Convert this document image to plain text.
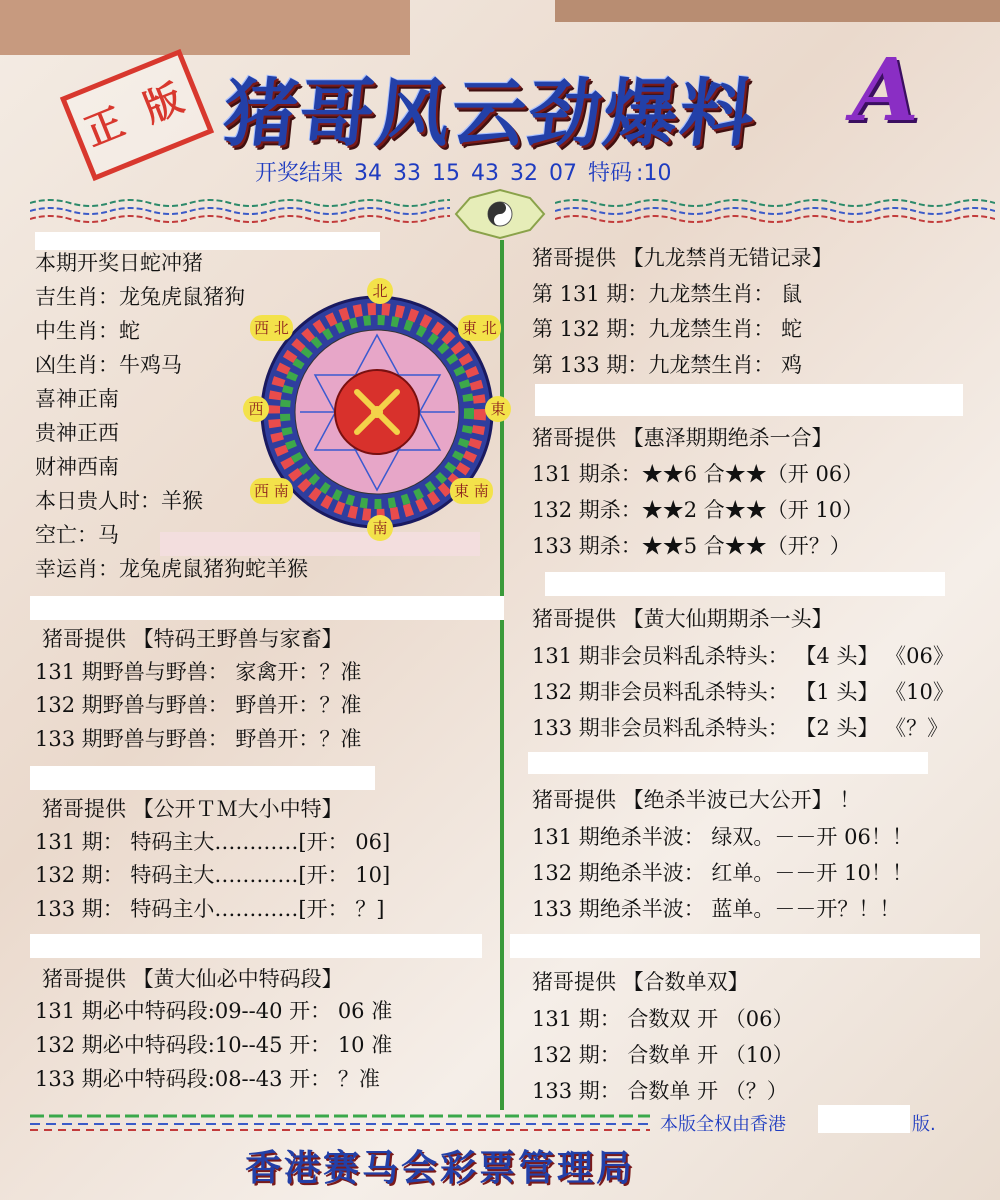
正 版 猪哥风云劲爆料	A
开奖结果 34 33 15 43 32 07 特码 :10
本期开奖日蛇冲猪
吉生肖：龙兔虎鼠猪狗
中生肖：蛇
凶生肖：牛鸡马
喜神正南
贵神正西
财神西南
本日贵人时：羊猴
空亡：马
幸运肖：龙兔虎鼠猪狗蛇羊猴
北
南
東
西
西 北	東 北
西 南	東 南
猪哥提供 【特码王野兽与家畜】
131 期野兽与野兽： 家禽开：？准
132 期野兽与野兽： 野兽开：？准
133 期野兽与野兽： 野兽开：？准
猪哥提供 【公开ＴＭ大小中特】
131 期： 特码主大…………[开： 06]
132 期： 特码主大…………[开： 10]
133 期： 特码主小…………[开： ？]
猪哥提供 【黄大仙必中特码段】
131 期必中特码段:09--40 开： 06 准
132 期必中特码段:10--45 开： 10 准
133 期必中特码段:08--43 开： ？准
猪哥提供 【九龙禁肖无错记录】
第 131 期：九龙禁生肖： 鼠
第 132 期：九龙禁生肖： 蛇
第 133 期：九龙禁生肖： 鸡
猪哥提供 【惠泽期期绝杀一合】
131 期杀：★★6 合★★（开 06）
132 期杀：★★2 合★★（开 10）
133 期杀：★★5 合★★（开？）
猪哥提供 【黄大仙期期杀一头】
131 期非会员料乱杀特头： 【4 头】 《06》
132 期非会员料乱杀特头： 【1 头】 《10》
133 期非会员料乱杀特头： 【2 头】 《？》
猪哥提供 【绝杀半波已大公开】 ！
131 期绝杀半波： 绿双。－－开 06！！
132 期绝杀半波： 红单。－－开 10！！
133 期绝杀半波： 蓝单。－－开？！！
猪哥提供 【合数单双】
131 期： 合数双 开 （06）
132 期： 合数单 开 （10）
133 期： 合数单 开 （？）
本版全权由香港	版.
香港赛马会彩票管理局
